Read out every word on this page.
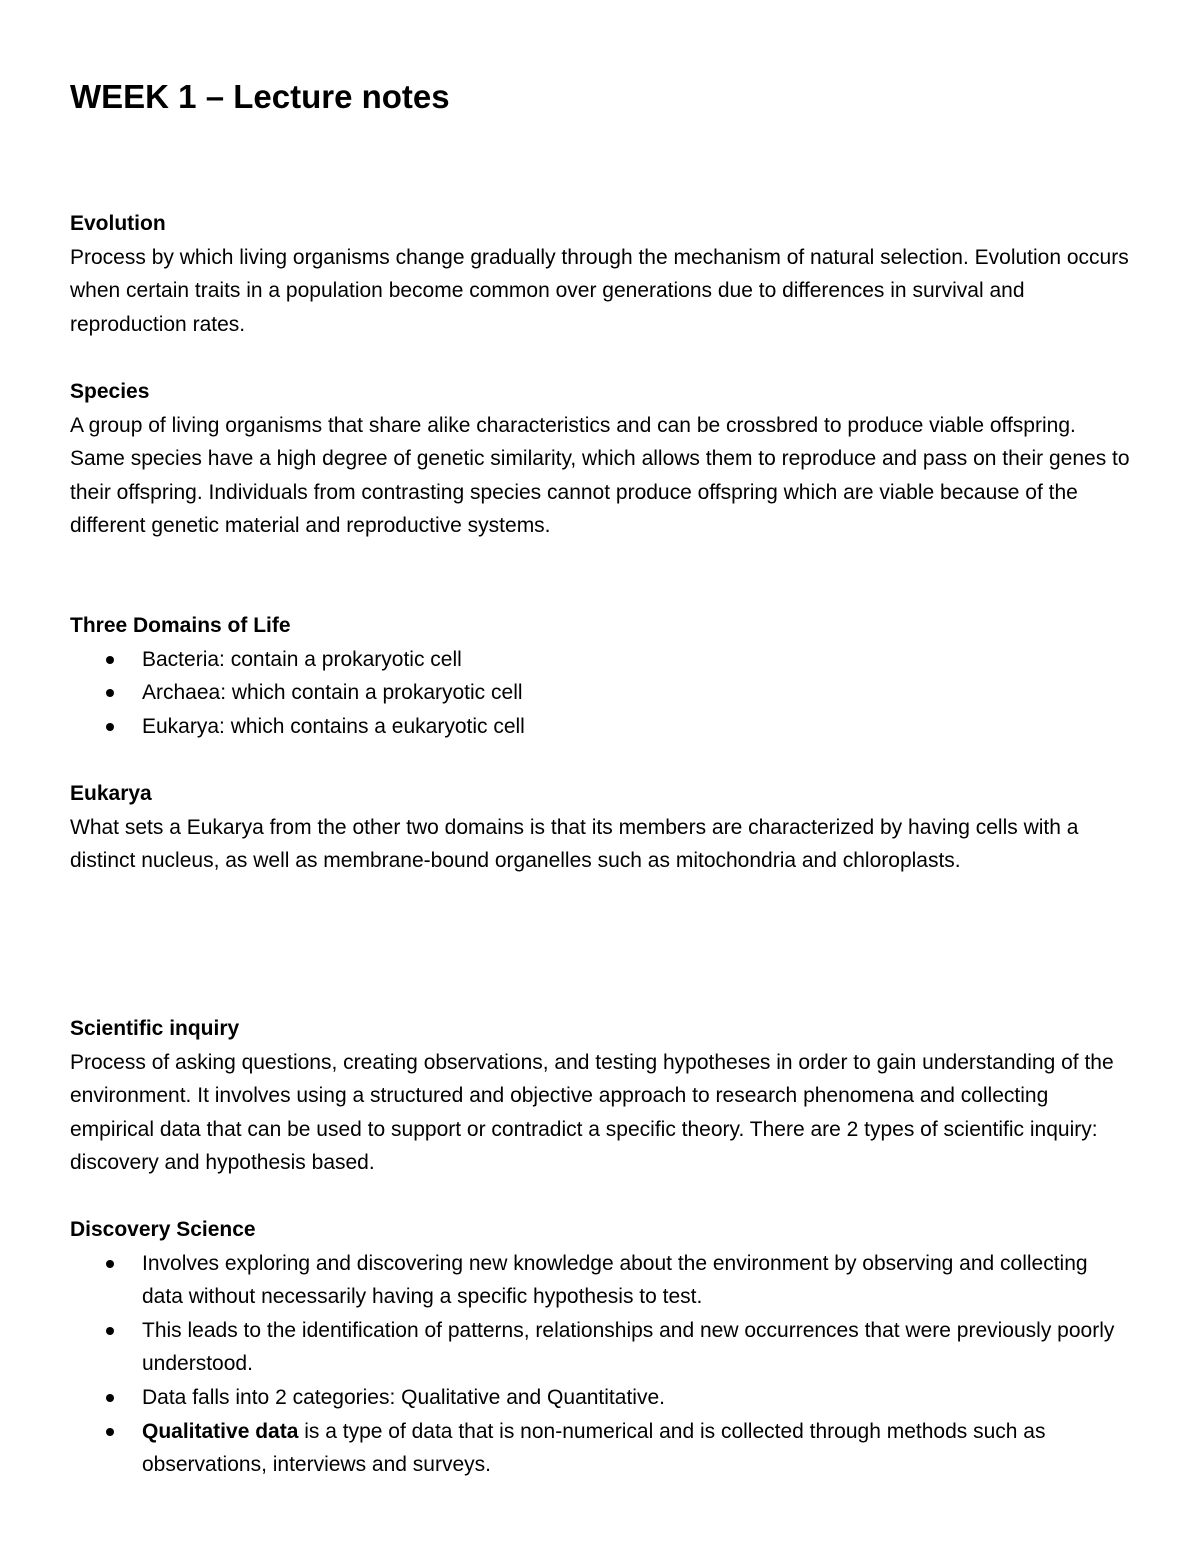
WEEK 1 – Lecture notes

Evolution

Process by which living organisms change gradually through the mechanism of natural selection. Evolution occurs when certain traits in a population become common over generations due to differences in survival and reproduction rates.

Species

A group of living organisms that share alike characteristics and can be crossbred to produce viable offspring. Same species have a high degree of genetic similarity, which allows them to reproduce and pass on their genes to their offspring. Individuals from contrasting species cannot produce offspring which are viable because of the different genetic material and reproductive systems.

Three Domains of Life

Bacteria: contain a prokaryotic cell
Archaea: which contain a prokaryotic cell
Eukarya: which contains a eukaryotic cell

Eukarya

What sets a Eukarya from the other two domains is that its members are characterized by having cells with a distinct nucleus, as well as membrane-bound organelles such as mitochondria and chloroplasts.

Scientific inquiry

Process of asking questions, creating observations, and testing hypotheses in order to gain understanding of the environment. It involves using a structured and objective approach to research phenomena and collecting empirical data that can be used to support or contradict a specific theory. There are 2 types of scientific inquiry: discovery and hypothesis based.

Discovery Science

Involves exploring and discovering new knowledge about the environment by observing and collecting data without necessarily having a specific hypothesis to test.
This leads to the identification of patterns, relationships and new occurrences that were previously poorly understood.
Data falls into 2 categories: Qualitative and Quantitative.
Qualitative data is a type of data that is non-numerical and is collected through methods such as observations, interviews and surveys.
